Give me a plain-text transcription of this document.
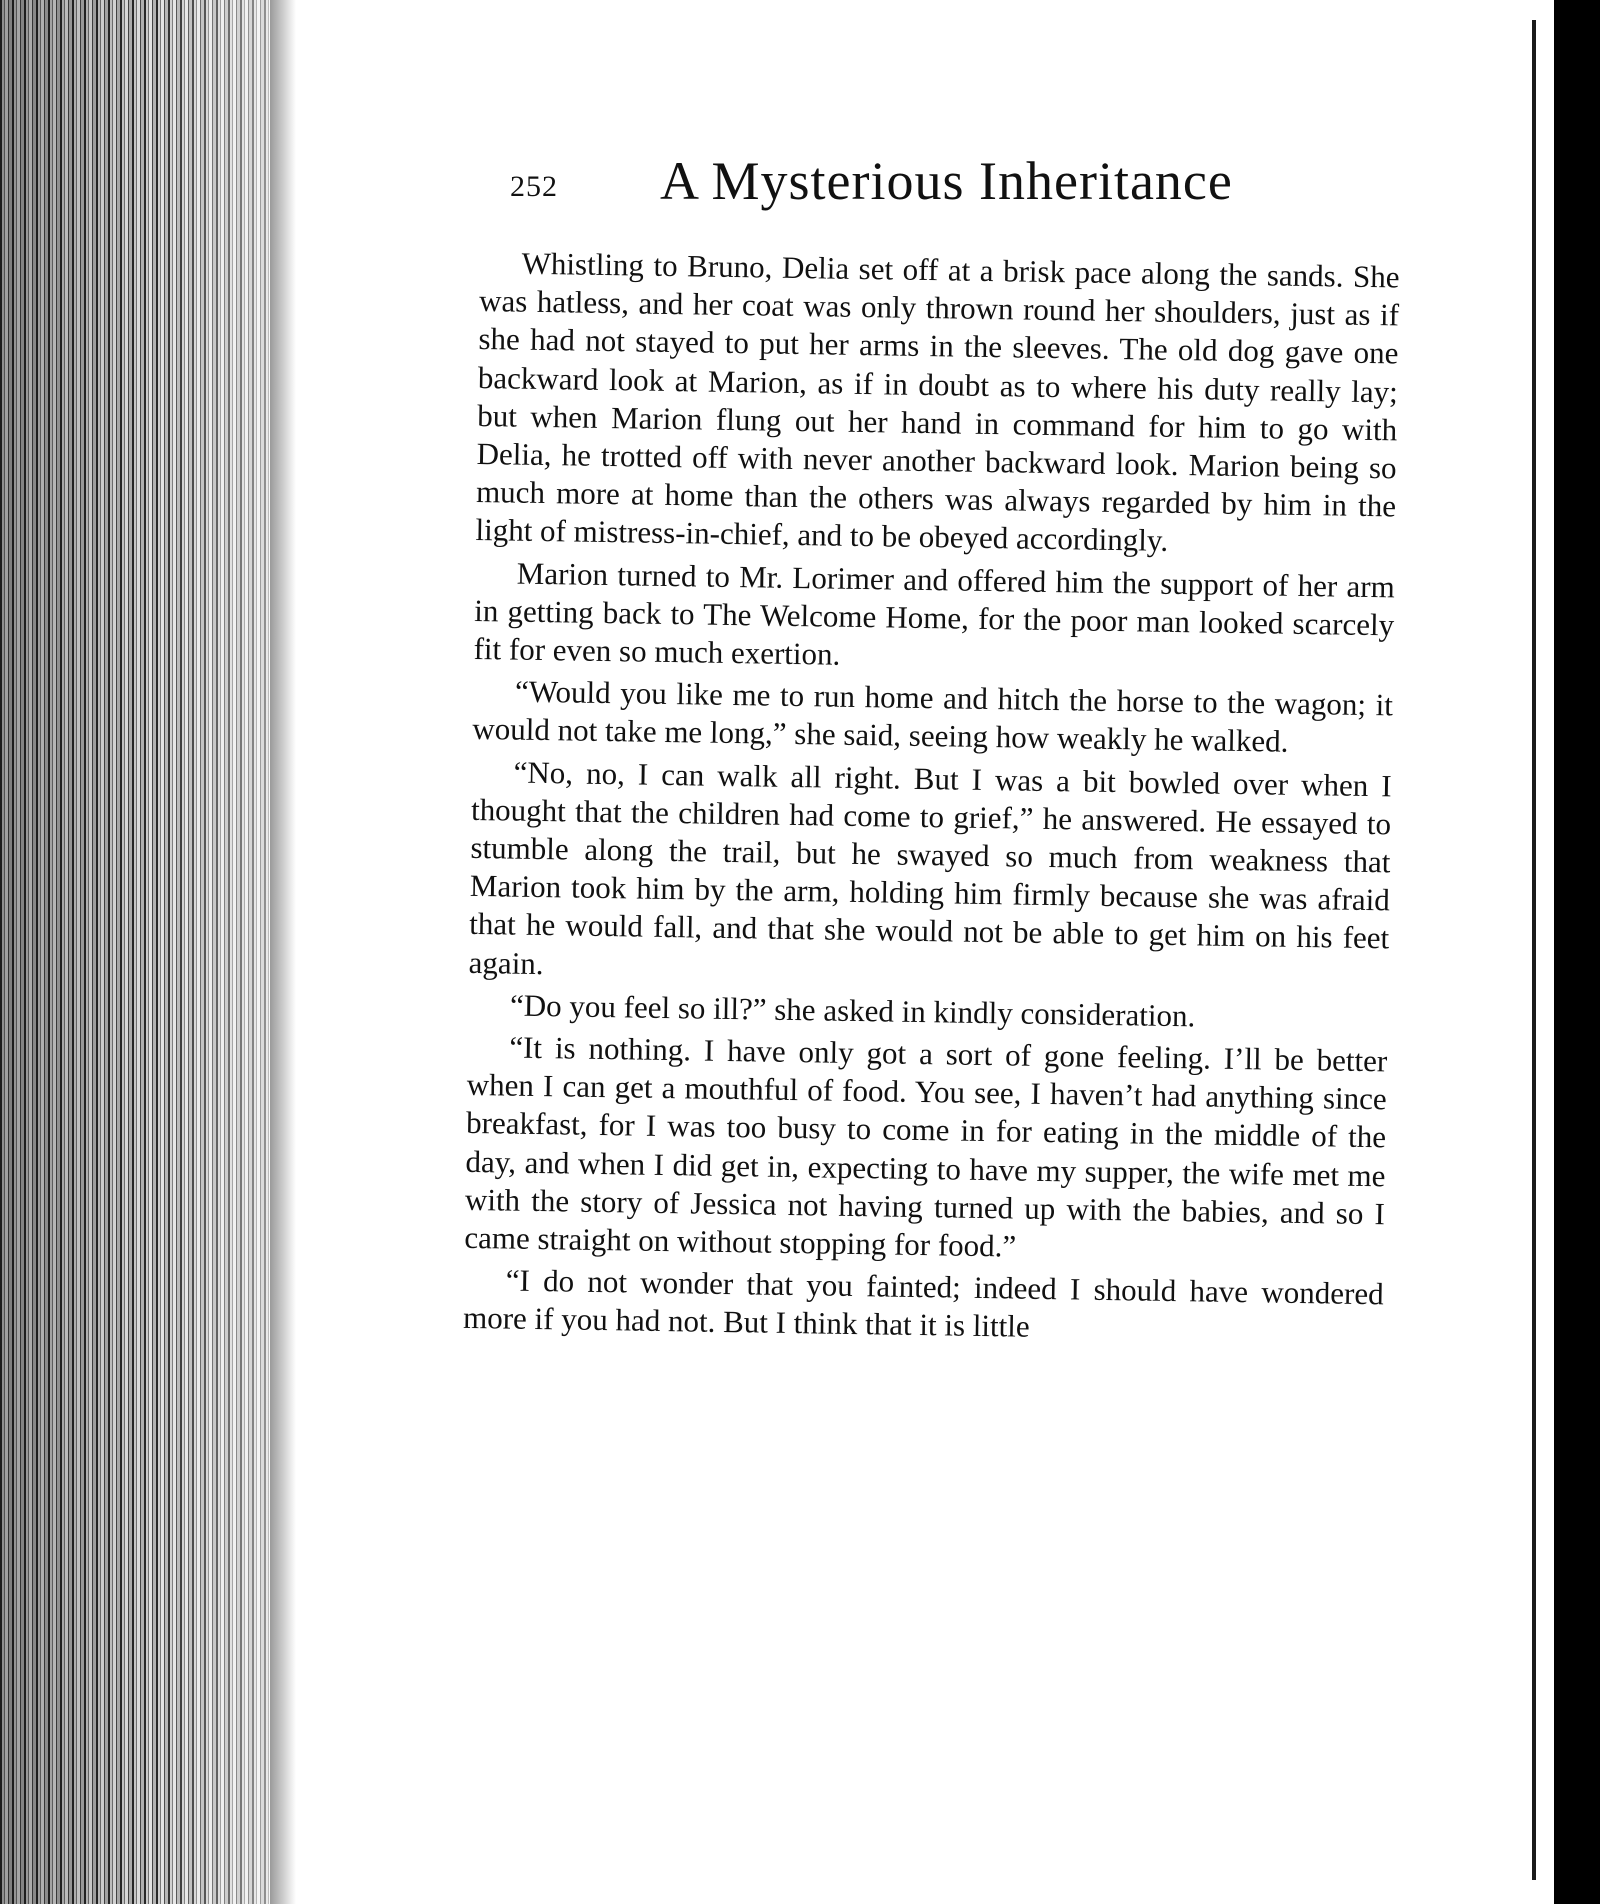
252 A Mysterious Inheritance

Whistling to Bruno, Delia set off at a brisk pace along the sands. She was hatless, and her coat was only thrown round her shoulders, just as if she had not stayed to put her arms in the sleeves. The old dog gave one backward look at Marion, as if in doubt as to where his duty really lay; but when Marion flung out her hand in command for him to go with Delia, he trotted off with never another backward look. Marion being so much more at home than the others was always regarded by him in the light of mistress-in-chief, and to be obeyed accordingly.

Marion turned to Mr. Lorimer and offered him the support of her arm in getting back to The Welcome Home, for the poor man looked scarcely fit for even so much exertion.

“Would you like me to run home and hitch the horse to the wagon; it would not take me long,” she said, seeing how weakly he walked.

“No, no, I can walk all right. But I was a bit bowled over when I thought that the children had come to grief,” he answered. He essayed to stumble along the trail, but he swayed so much from weakness that Marion took him by the arm, holding him firmly because she was afraid that he would fall, and that she would not be able to get him on his feet again.

“Do you feel so ill?” she asked in kindly consideration.

“It is nothing. I have only got a sort of gone feeling. I’ll be better when I can get a mouthful of food. You see, I haven’t had anything since breakfast, for I was too busy to come in for eating in the middle of the day, and when I did get in, expecting to have my supper, the wife met me with the story of Jessica not having turned up with the babies, and so I came straight on without stopping for food.”

“I do not wonder that you fainted; indeed I should have wondered more if you had not. But I think that it is little
